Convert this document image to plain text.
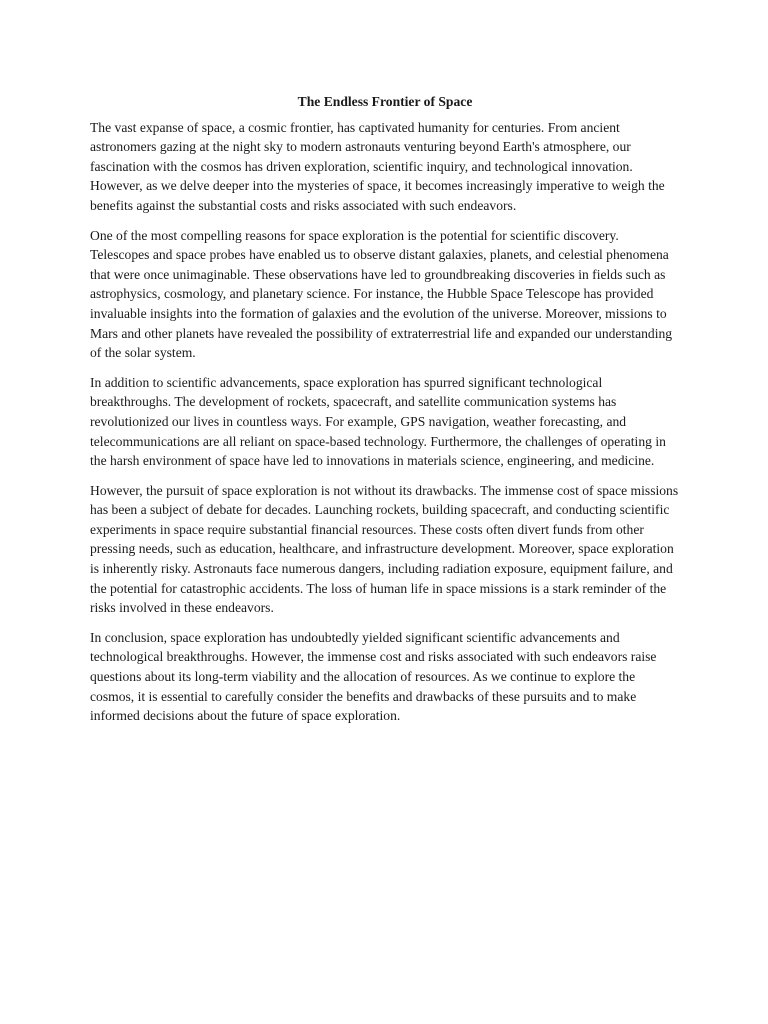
The Endless Frontier of Space

The vast expanse of space, a cosmic frontier, has captivated humanity for centuries. From ancient astronomers gazing at the night sky to modern astronauts venturing beyond Earth's atmosphere, our fascination with the cosmos has driven exploration, scientific inquiry, and technological innovation. However, as we delve deeper into the mysteries of space, it becomes increasingly imperative to weigh the benefits against the substantial costs and risks associated with such endeavors.

One of the most compelling reasons for space exploration is the potential for scientific discovery. Telescopes and space probes have enabled us to observe distant galaxies, planets, and celestial phenomena that were once unimaginable. These observations have led to groundbreaking discoveries in fields such as astrophysics, cosmology, and planetary science. For instance, the Hubble Space Telescope has provided invaluable insights into the formation of galaxies and the evolution of the universe. Moreover, missions to Mars and other planets have revealed the possibility of extraterrestrial life and expanded our understanding of the solar system.

In addition to scientific advancements, space exploration has spurred significant technological breakthroughs. The development of rockets, spacecraft, and satellite communication systems has revolutionized our lives in countless ways. For example, GPS navigation, weather forecasting, and telecommunications are all reliant on space-based technology. Furthermore, the challenges of operating in the harsh environment of space have led to innovations in materials science, engineering, and medicine.

However, the pursuit of space exploration is not without its drawbacks. The immense cost of space missions has been a subject of debate for decades. Launching rockets, building spacecraft, and conducting scientific experiments in space require substantial financial resources. These costs often divert funds from other pressing needs, such as education, healthcare, and infrastructure development. Moreover, space exploration is inherently risky. Astronauts face numerous dangers, including radiation exposure, equipment failure, and the potential for catastrophic accidents. The loss of human life in space missions is a stark reminder of the risks involved in these endeavors.

In conclusion, space exploration has undoubtedly yielded significant scientific advancements and technological breakthroughs. However, the immense cost and risks associated with such endeavors raise questions about its long-term viability and the allocation of resources. As we continue to explore the cosmos, it is essential to carefully consider the benefits and drawbacks of these pursuits and to make informed decisions about the future of space exploration.
